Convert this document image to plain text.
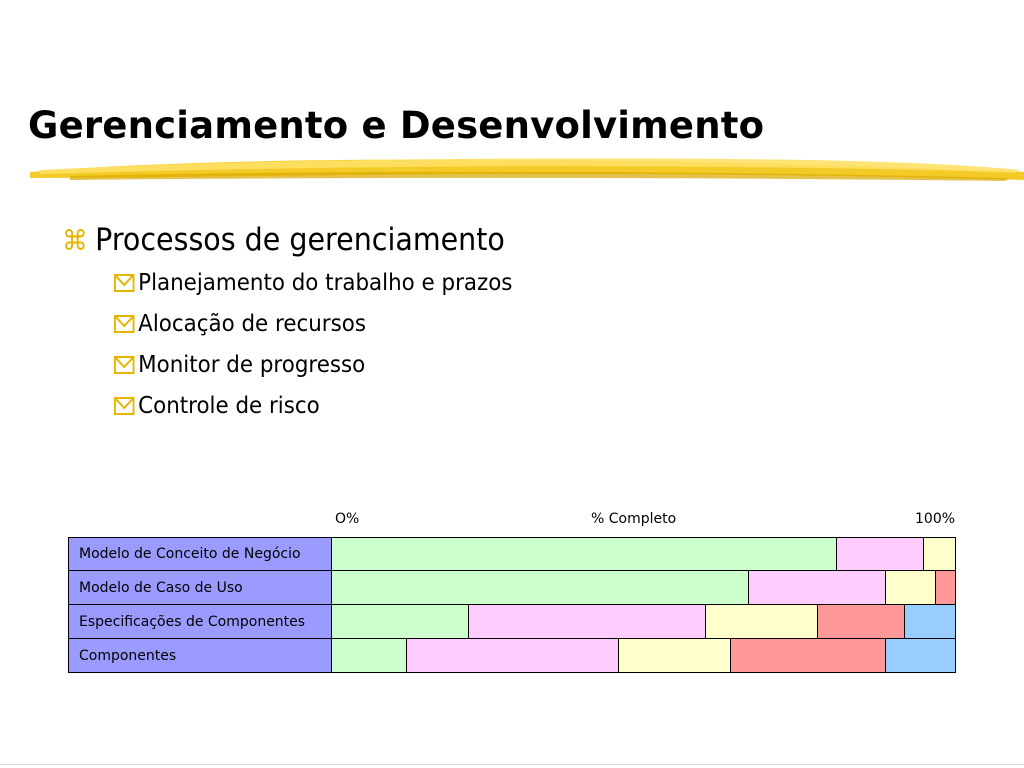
Gerenciamento e Desenvolvimento
⌘ Processos de gerenciamento
Planejamento do trabalho e prazos
Alocação de recursos
Monitor de progresso
Controle de risco
O%	% Completo	100%
Modelo de Conceito de Negócio
Modelo de Caso de Uso
Especificações de Componentes
Componentes
